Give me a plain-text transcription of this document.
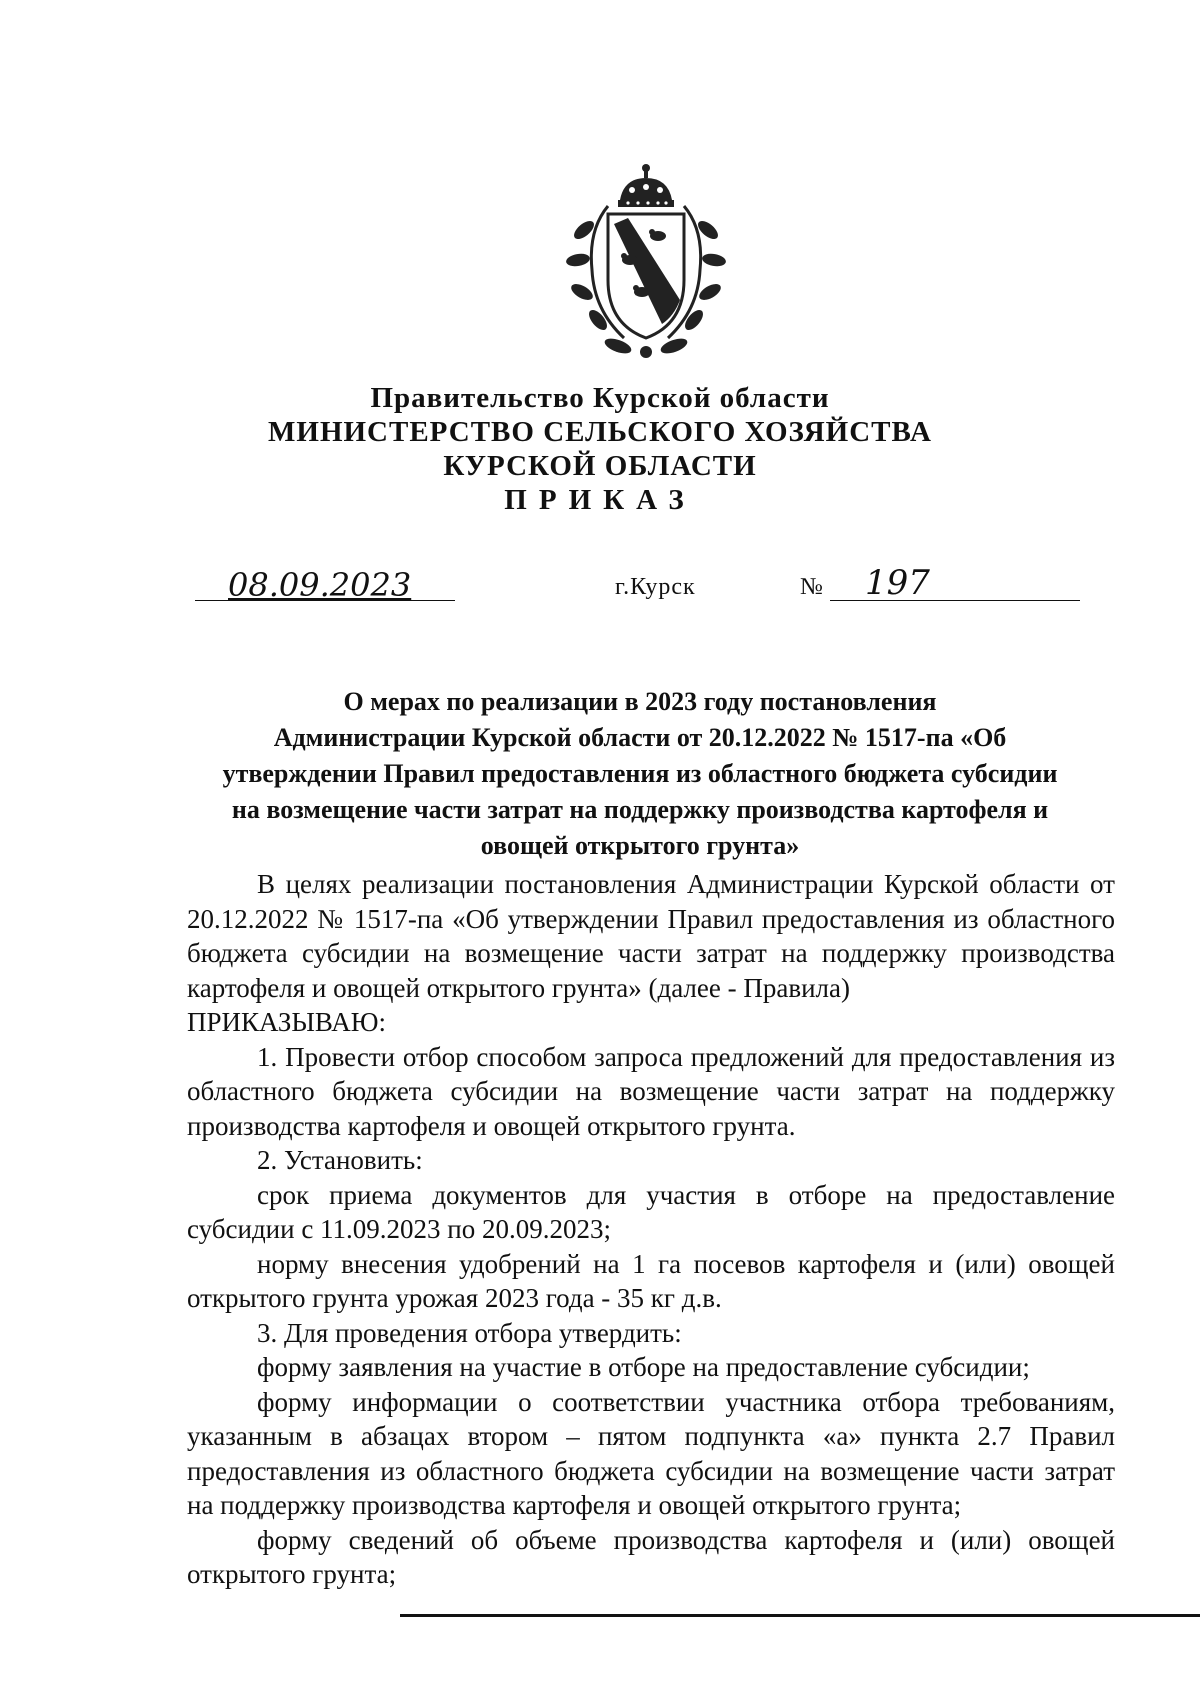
Правительство Курской области
МИНИСТЕРСТВО СЕЛЬСКОГО ХОЗЯЙСТВА
КУРСКОЙ ОБЛАСТИ
ПРИКАЗ
08.09.2023	г.Курск	№ 197
О мерах по реализации в 2023 году постановления
Администрации Курской области от 20.12.2022 № 1517-па «Об
утверждении Правил предоставления из областного бюджета субсидии
на возмещение части затрат на поддержку производства картофеля и
овощей открытого грунта»

В целях реализации постановления Администрации Курской области от 20.12.2022 № 1517-па «Об утверждении Правил предоставления из областного бюджета субсидии на возмещение части затрат на поддержку производства картофеля и овощей открытого грунта» (далее - Правила)

ПРИКАЗЫВАЮ:

1. Провести отбор способом запроса предложений для предоставления из областного бюджета субсидии на возмещение части затрат на поддержку производства картофеля и овощей открытого грунта.

2. Установить:

срок приема документов для участия в отборе на предоставление субсидии с 11.09.2023 по 20.09.2023;

норму внесения удобрений на 1 га посевов картофеля и (или) овощей открытого грунта урожая 2023 года - 35 кг д.в.

3. Для проведения отбора утвердить:

форму заявления на участие в отборе на предоставление субсидии;

форму информации о соответствии участника отбора требованиям, указанным в абзацах втором – пятом подпункта «а» пункта 2.7 Правил предоставления из областного бюджета субсидии на возмещение части затрат на поддержку производства картофеля и овощей открытого грунта;

форму сведений об объеме производства картофеля и (или) овощей открытого грунта;
